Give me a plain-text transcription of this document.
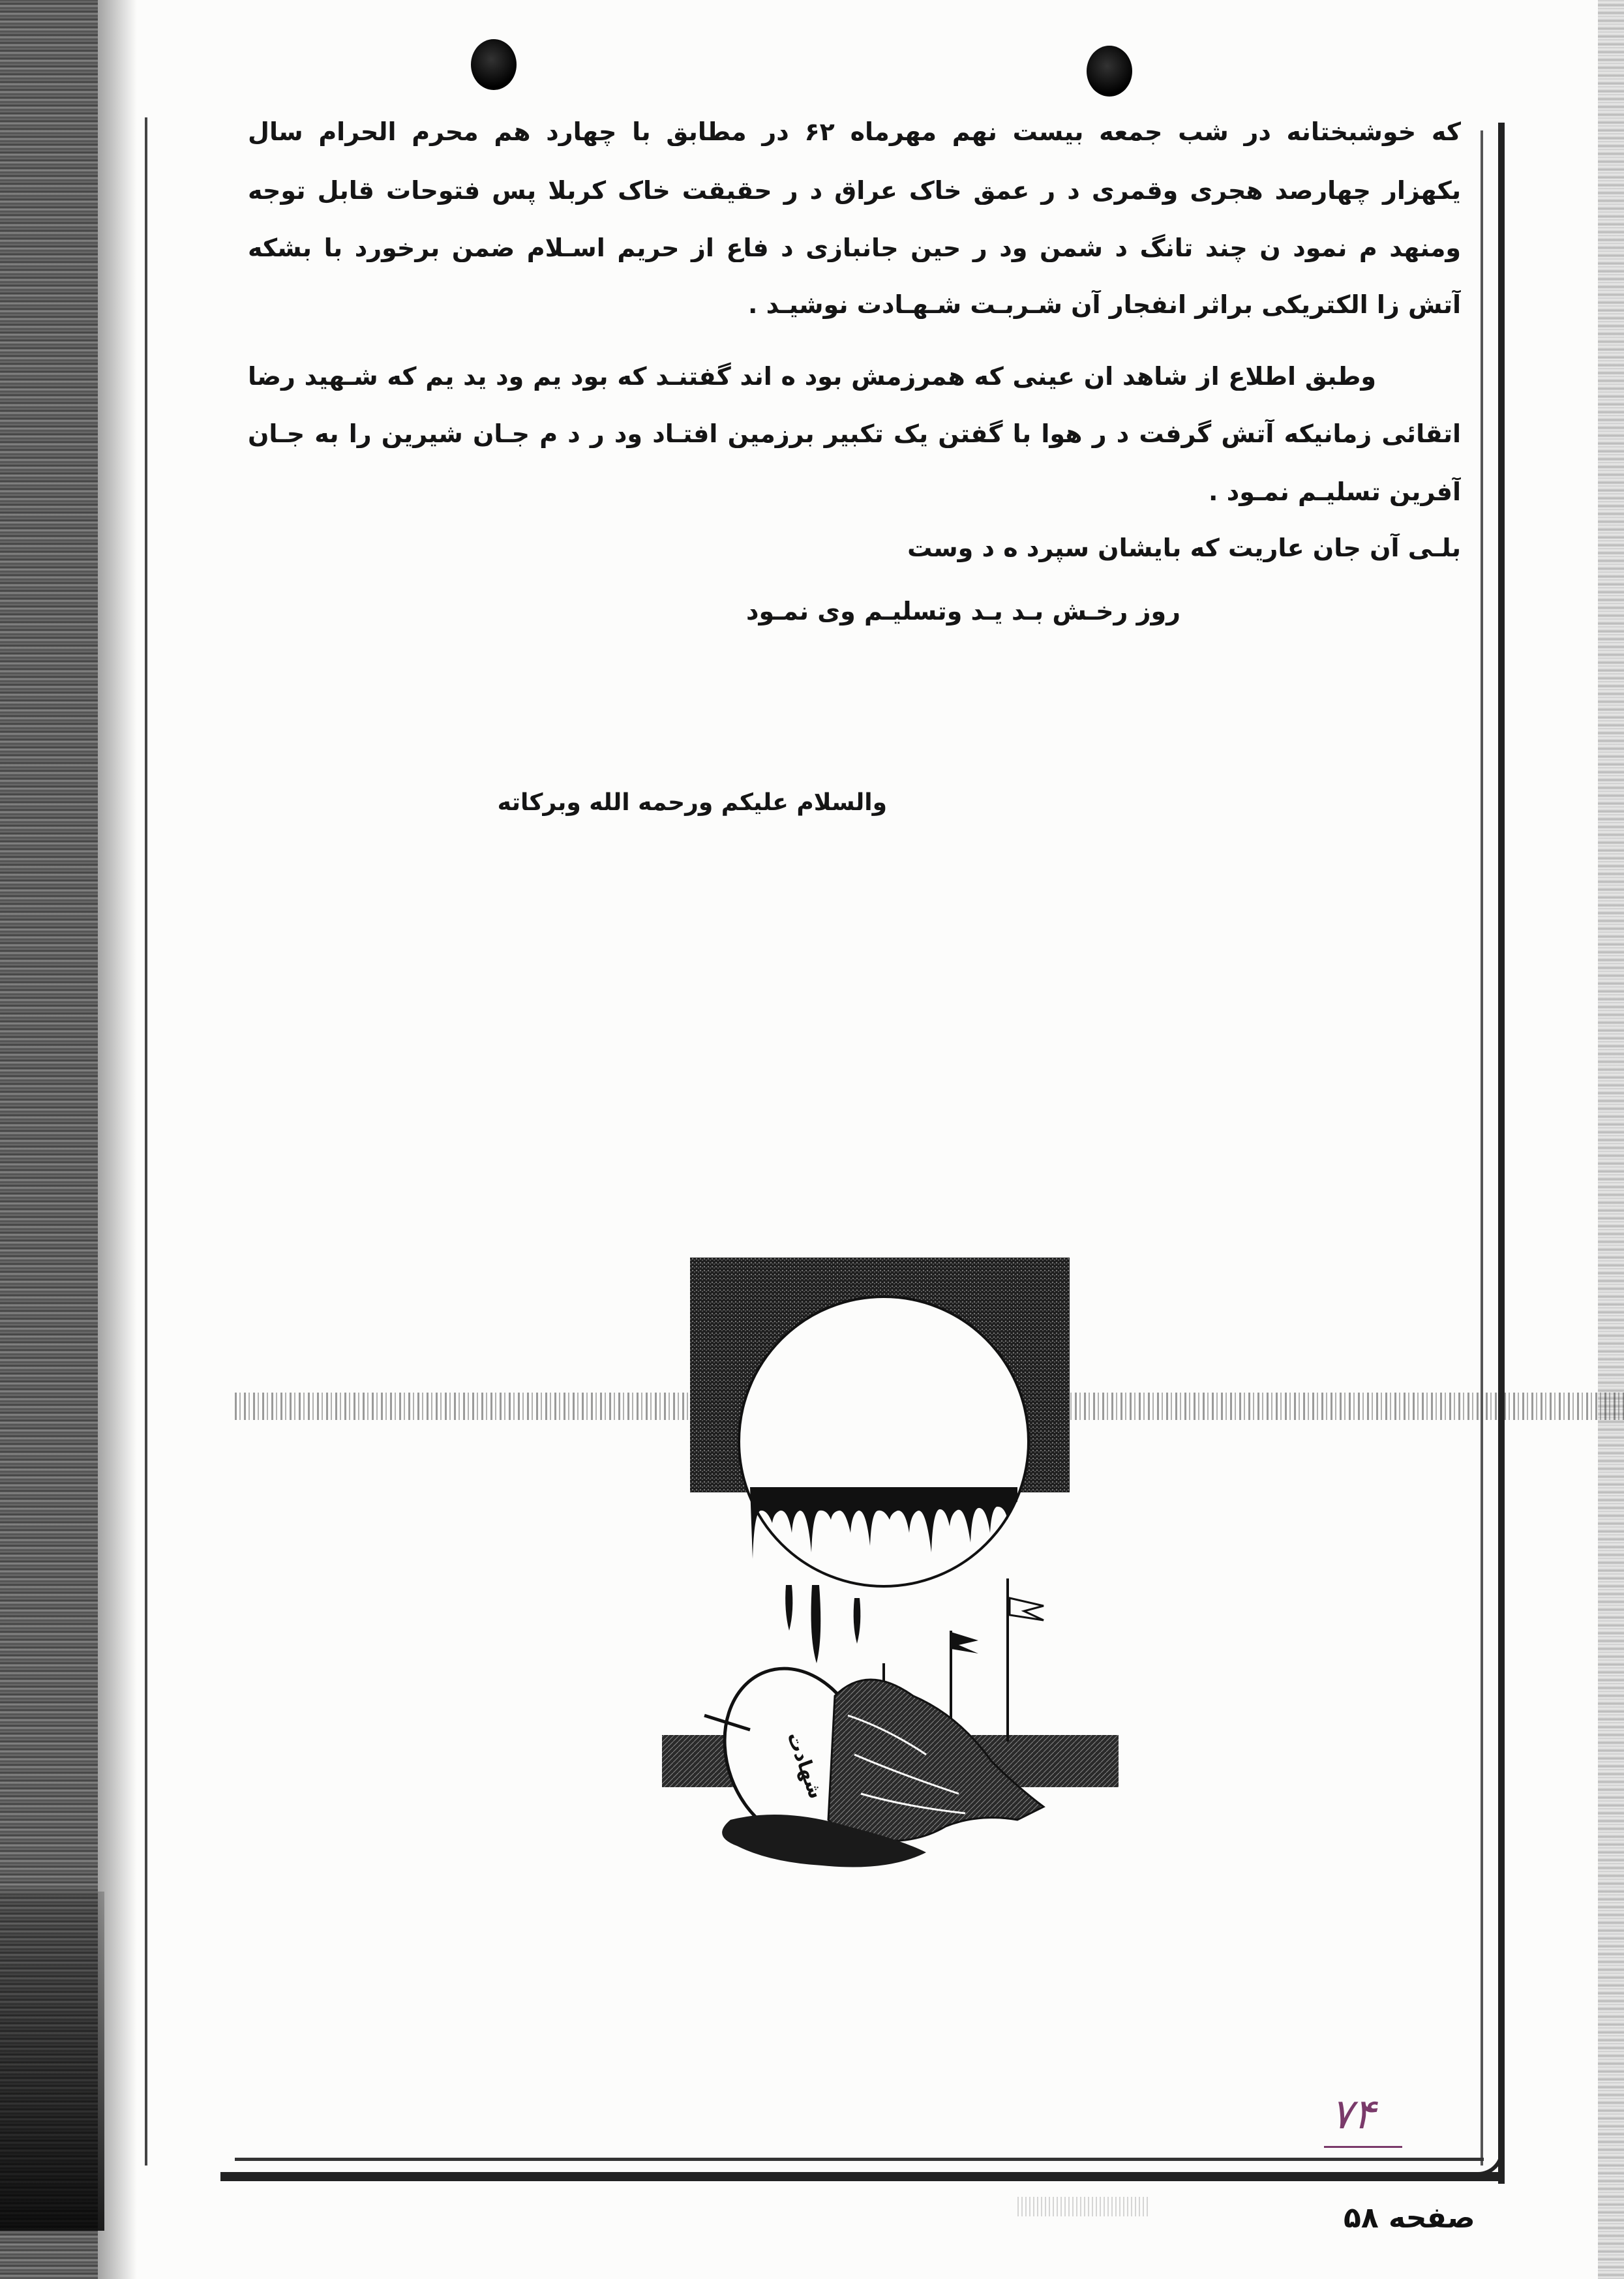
که خوشبختانه در شب جمعه بیست نهم مهرماه ۶۲ در مطابق با چهارد هم محرم الحرام سال
یکهزار چهارصد هجری وقمری د ر عمق خاک عراق د ر حقیقت خاک کربلا پس فتوحات قابل توجه
ومنهد م نمود ن چند تانگ د شمن ود ر حین جانبازی د فاع از حریم اسـلام ضمن برخورد با بشکه
آتش زا الکتریکی براثر انفجار آن شـربـت شـهـادت نوشیـد .
وطبق اطلاع از شاهد ان عینی که همرزمش بود ه اند گفتنـد که بود یم ود ید یم که شـهید رضا
اتقائی زمانیکه آتش گرفت د ر هوا با گفتن یک تکبیر برزمین افتـاد ود ر د م جـان شیرین را به جـان
آفرین تسلیـم نمـود .
بلـی آن جان عاریت که بایشان سپرد ه د وست
روز رخـش بـد یـد وتسلیـم وی نمـود
والسلام علیکم ورحمه الله وبرکاته
شهادت
۷۴
صفحه ۵۸
